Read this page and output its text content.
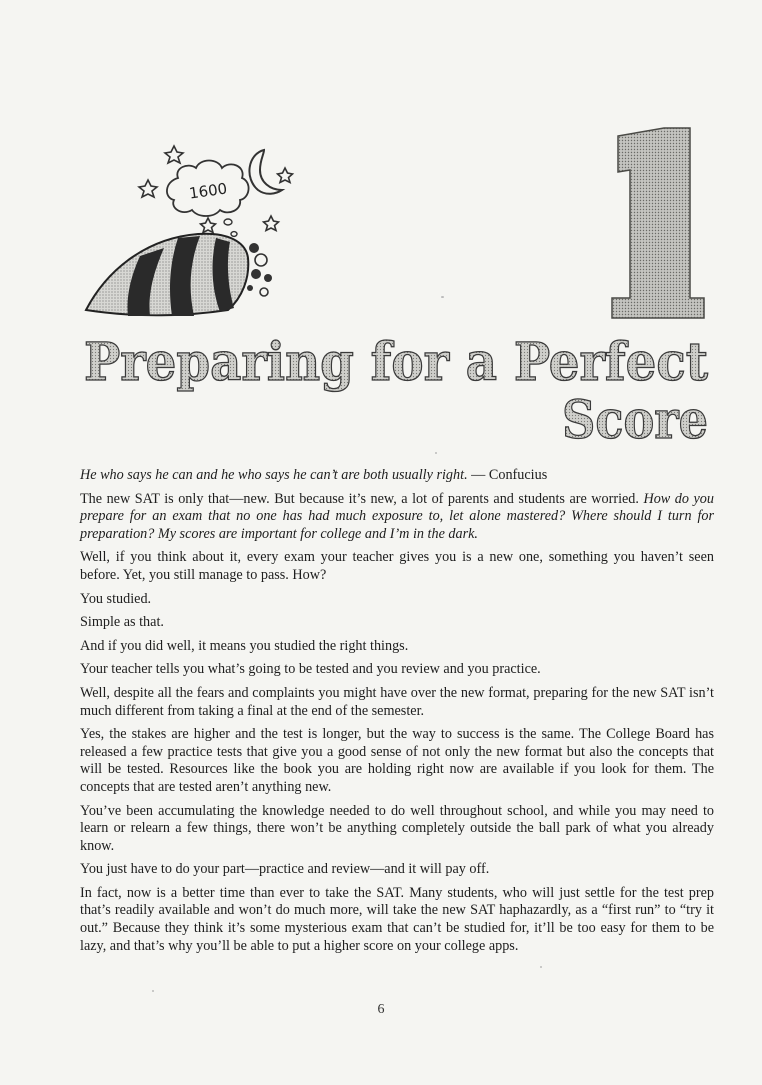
1600
1
Preparing for a Perfect
Score

He who says he can and he who says he can’t are both usually right. — Confucius

The new SAT is only that—new. But because it’s new, a lot of parents and students are worried. How do you prepare for an exam that no one has had much exposure to, let alone mastered? Where should I turn for preparation? My scores are important for college and I’m in the dark.

Well, if you think about it, every exam your teacher gives you is a new one, something you haven’t seen before. Yet, you still manage to pass. How?

You studied.

Simple as that.

And if you did well, it means you studied the right things.

Your teacher tells you what’s going to be tested and you review and you practice.

Well, despite all the fears and complaints you might have over the new format, preparing for the new SAT isn’t much different from taking a final at the end of the semester.

Yes, the stakes are higher and the test is longer, but the way to success is the same. The College Board has released a few practice tests that give you a good sense of not only the new format but also the concepts that will be tested. Resources like the book you are holding right now are available if you look for them. The concepts that are tested aren’t anything new.

You’ve been accumulating the knowledge needed to do well throughout school, and while you may need to learn or relearn a few things, there won’t be anything completely outside the ball park of what you already know.

You just have to do your part—practice and review—and it will pay off.

In fact, now is a better time than ever to take the SAT. Many students, who will just settle for the test prep that’s readily available and won’t do much more, will take the new SAT haphazardly, as a “first run” to “try it out.” Because they think it’s some mysterious exam that can’t be studied for, it’ll be too easy for them to be lazy, and that’s why you’ll be able to put a higher score on your college apps.

6
